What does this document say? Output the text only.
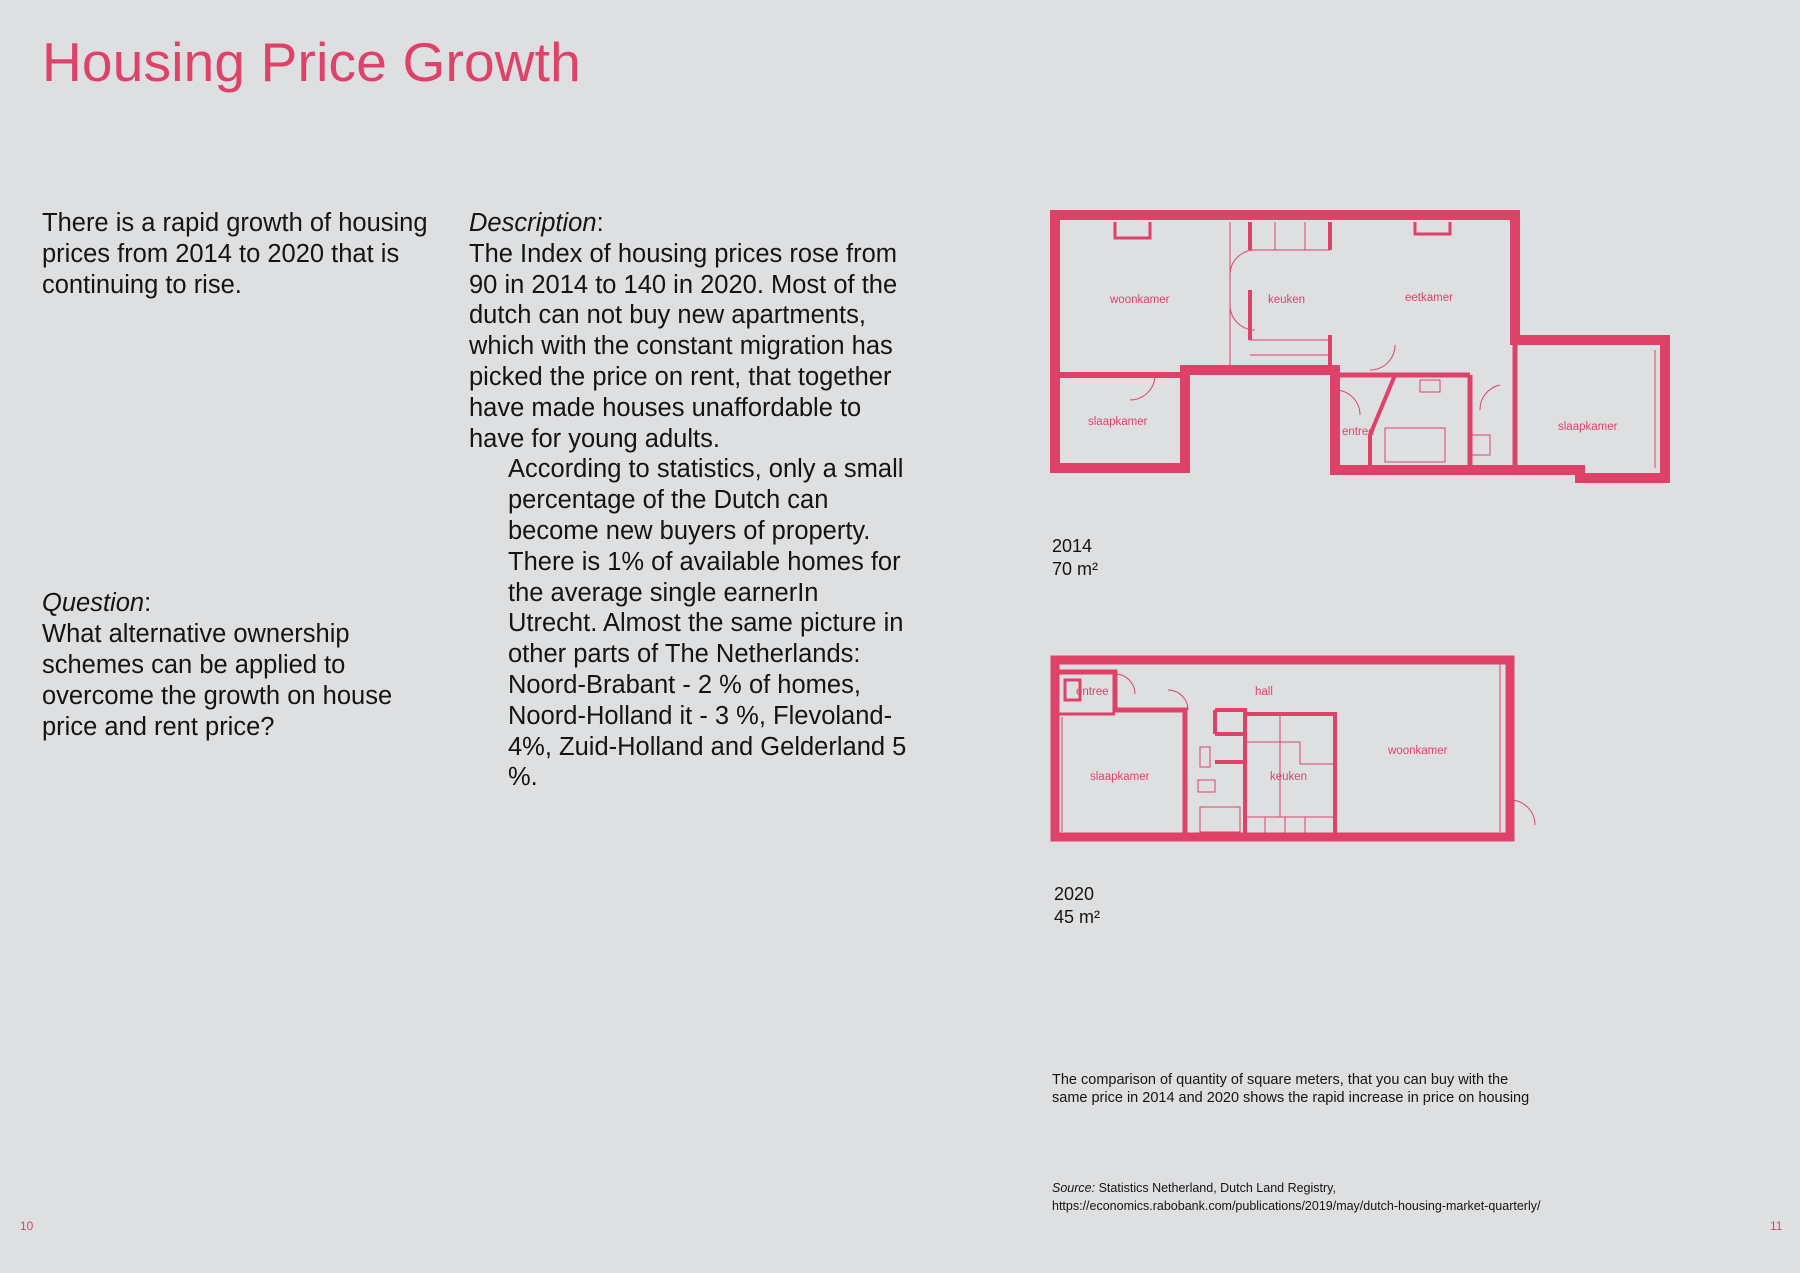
Housing Price Growth

There is a rapid growth of housing prices from 2014 to 2020 that is continuing to rise.

Question:

What alternative ownership schemes can be applied to overcome the growth on house price and rent price?

Description:

The Index of housing prices rose from 90 in 2014 to 140 in 2020. Most of the dutch can not buy new apartments, which with the constant migration has picked the price on rent, that together have made houses unaffordable to have for young adults.

According to statistics, only a small percentage of the Dutch can become new buyers of property. There is 1% of available homes for the average single earnerIn Utrecht. Almost the same picture in other parts of The Netherlands: Noord-Brabant - 2 % of homes, Noord-Holland it - 3 %, Flevoland-4%, Zuid-Holland and Gelderland 5 %.

woonkamer	keuken	eetkamer
slaapkamer
entree	slaapkamer
2014
70 m²
entree	hall
woonkamer
slaapkamer	keuken
2020
45 m²
The comparison of quantity of square meters, that you can buy with the same price in 2014 and 2020 shows the rapid increase in price on housing
Source: Statistics Netherland, Dutch Land Registry, https://economics.rabobank.com/publications/2019/may/dutch-housing-market-quarterly/
10	11
